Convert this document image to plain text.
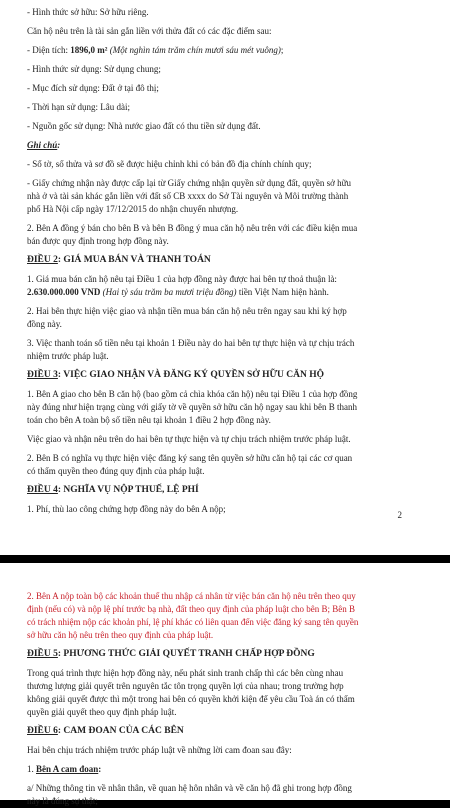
- Hình thức sở hữu: Sở hữu riêng.
Căn hộ nêu trên là tài sản gắn liền với thửa đất có các đặc điểm sau:
- Diện tích: 1896,0 m² (Một nghìn tám trăm chín mươi sáu mét vuông);
- Hình thức sử dụng: Sử dụng chung;
- Mục đích sử dụng: Đất ở tại đô thị;
- Thời hạn sử dụng: Lâu dài;
- Nguồn gốc sử dụng: Nhà nước giao đất có thu tiền sử dụng đất.
Ghi chú:
- Sổ tờ, số thửa và sơ đồ sẽ được hiệu chỉnh khi có bản đồ địa chính chính quy;
- Giấy chứng nhận này được cấp lại từ Giấy chứng nhận quyền sử dụng đất, quyền sở hữu
nhà ở và tài sản khác gắn liền với đất số CB xxxx do Sở Tài nguyên và Môi trường thành
phố Hà Nội cấp ngày 17/12/2015 do nhận chuyển nhượng.
2. Bên A đồng ý bán cho bên B và bên B đồng ý mua căn hộ nêu trên với các điều kiện mua
bán được quy định trong hợp đồng này.
ĐIỀU 2: GIÁ MUA BÁN VÀ THANH TOÁN
1. Giá mua bán căn hộ nêu tại Điều 1 của hợp đồng này được hai bên tự thoả thuận là:
2.630.000.000 VND (Hai tỷ sáu trăm ba mươi triệu đồng) tiền Việt Nam hiện hành.
2. Hai bên thực hiện việc giao và nhận tiền mua bán căn hộ nêu trên ngay sau khi ký hợp
đồng này.
3. Việc thanh toán số tiền nêu tại khoản 1 Điều này do hai bên tự thực hiện và tự chịu trách
nhiệm trước pháp luật.
ĐIỀU 3: VIỆC GIAO NHẬN VÀ ĐĂNG KÝ QUYỀN SỞ HỮU CĂN HỘ
1. Bên A giao cho bên B căn hộ (bao gồm cả chìa khóa căn hộ) nêu tại Điều 1 của hợp đồng
này đúng như hiện trạng cùng với giấy tờ về quyền sở hữu căn hộ ngay sau khi bên B thanh
toán cho bên A toàn bộ số tiền nêu tại khoản 1 điều 2 hợp đồng này.
Việc giao và nhận nêu trên do hai bên tự thực hiện và tự chịu trách nhiệm trước pháp luật.
2. Bên B có nghĩa vụ thực hiện việc đăng ký sang tên quyền sở hữu căn hộ tại các cơ quan
có thẩm quyền theo đúng quy định của pháp luật.
ĐIỀU 4: NGHĨA VỤ NỘP THUẾ, LỆ PHÍ
1. Phí, thù lao công chứng hợp đồng này do bên A nộp;
2
2. Bên A nộp toàn bộ các khoản thuế thu nhập cá nhân từ việc bán căn hộ nêu trên theo quy
định (nếu có) và nộp lệ phí trước bạ nhà, đất theo quy định của pháp luật cho bên B; Bên B
có trách nhiệm nộp các khoản phí, lệ phí khác có liên quan đến việc đăng ký sang tên quyền
sở hữu căn hộ nêu trên theo quy định của pháp luật.
ĐIỀU 5: PHƯƠNG THỨC GIẢI QUYẾT TRANH CHẤP HỢP ĐỒNG
Trong quá trình thực hiện hợp đồng này, nếu phát sinh tranh chấp thì các bên cùng nhau
thương lượng giải quyết trên nguyên tắc tôn trọng quyền lợi của nhau; trong trường hợp
không giải quyết được thì một trong hai bên có quyền khởi kiện để yêu cầu Toà án có thẩm
quyền giải quyết theo quy định pháp luật.
ĐIỀU 6: CAM ĐOAN CỦA CÁC BÊN
Hai bên chịu trách nhiệm trước pháp luật về những lời cam đoan sau đây:
1. Bên A cam đoan:
a/ Những thông tin về nhân thân, về quan hệ hôn nhân và về căn hộ đã ghi trong hợp đồng
này là đúng sự thật;
